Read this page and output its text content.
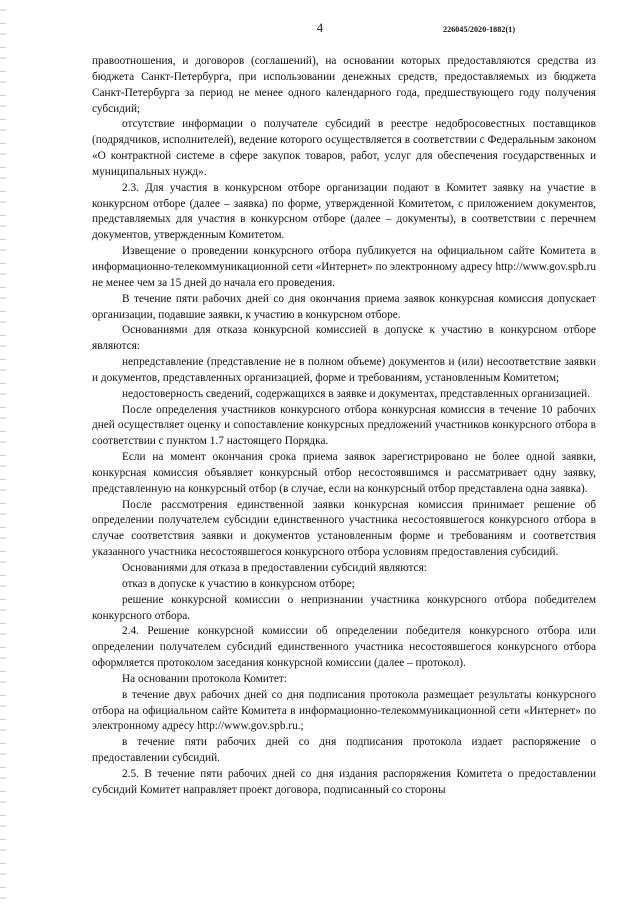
4	226045/2020-1882(1)

правоотношения, и договоров (соглашений), на основании которых предоставляются средства из бюджета Санкт-Петербурга, при использовании денежных средств, предоставляемых из бюджета Санкт-Петербурга за период не менее одного календарного года, предшествующего году получения субсидий;

отсутствие информации о получателе субсидий в реестре недобросовестных поставщиков (подрядчиков, исполнителей), ведение которого осуществляется в соответствии с Федеральным законом «О контрактной системе в сфере закупок товаров, работ, услуг для обеспечения государственных и муниципальных нужд».

2.3. Для участия в конкурсном отборе организации подают в Комитет заявку на участие в конкурсном отборе (далее – заявка) по форме, утвержденной Комитетом, с приложением документов, представляемых для участия в конкурсном отборе (далее – документы), в соответствии с перечнем документов, утвержденным Комитетом.

Извещение о проведении конкурсного отбора публикуется на официальном сайте Комитета в информационно-телекоммуникационной сети «Интернет» по электронному адресу http://www.gov.spb.ru не менее чем за 15 дней до начала его проведения.

В течение пяти рабочих дней со дня окончания приема заявок конкурсная комиссия допускает организации, подавшие заявки, к участию в конкурсном отборе.

Основаниями для отказа конкурсной комиссией в допуске к участию в конкурсном отборе являются:

непредставление (представление не в полном объеме) документов и (или) несоответствие заявки и документов, представленных организацией, форме и требованиям, установленным Комитетом;

недостоверность сведений, содержащихся в заявке и документах, представленных организацией.

После определения участников конкурсного отбора конкурсная комиссия в течение 10 рабочих дней осуществляет оценку и сопоставление конкурсных предложений участников конкурсного отбора в соответствии с пунктом 1.7 настоящего Порядка.

Если на момент окончания срока приема заявок зарегистрировано не более одной заявки, конкурсная комиссия объявляет конкурсный отбор несостоявшимся и рассматривает одну заявку, представленную на конкурсный отбор (в случае, если на конкурсный отбор представлена одна заявка).

После рассмотрения единственной заявки конкурсная комиссия принимает решение об определении получателем субсидии единственного участника несостоявшегося конкурсного отбора в случае соответствия заявки и документов установленным форме и требованиям и соответствия указанного участника несостоявшегося конкурсного отбора условиям предоставления субсидий.

Основаниями для отказа в предоставлении субсидий являются:

отказ в допуске к участию в конкурсном отборе;

решение конкурсной комиссии о непризнании участника конкурсного отбора победителем конкурсного отбора.

2.4. Решение конкурсной комиссии об определении победителя конкурсного отбора или определении получателем субсидий единственного участника несостоявшегося конкурсного отбора оформляется протоколом заседания конкурсной комиссии (далее – протокол).

На основании протокола Комитет:

в течение двух рабочих дней со дня подписания протокола размещает результаты конкурсного отбора на официальном сайте Комитета в информационно-телекоммуникационной сети «Интернет» по электронному адресу http://www.gov.spb.ru.;

в течение пяти рабочих дней со дня подписания протокола издает распоряжение о предоставлении субсидий.

2.5. В течение пяти рабочих дней со дня издания распоряжения Комитета о предоставлении субсидий Комитет направляет проект договора, подписанный со стороны
